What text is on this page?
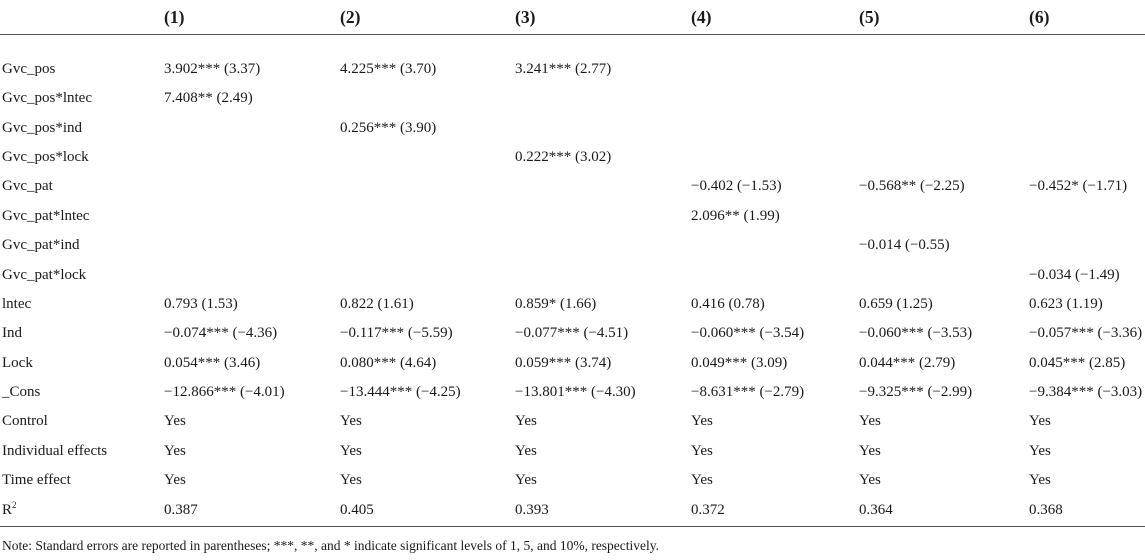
	(1)	(2)	(3)	(4)	(5)	(6)
Gvc_pos	3.902*** (3.37)	4.225*** (3.70)	3.241*** (2.77)			
Gvc_pos*lntec	7.408** (2.49)					
Gvc_pos*ind		0.256*** (3.90)				
Gvc_pos*lock			0.222*** (3.02)			
Gvc_pat				−0.402 (−1.53)	−0.568** (−2.25)	−0.452* (−1.71)
Gvc_pat*lntec				2.096** (1.99)		
Gvc_pat*ind					−0.014 (−0.55)	
Gvc_pat*lock						−0.034 (−1.49)
lntec	0.793 (1.53)	0.822 (1.61)	0.859* (1.66)	0.416 (0.78)	0.659 (1.25)	0.623 (1.19)
Ind	−0.074*** (−4.36)	−0.117*** (−5.59)	−0.077*** (−4.51)	−0.060*** (−3.54)	−0.060*** (−3.53)	−0.057*** (−3.36)
Lock	0.054*** (3.46)	0.080*** (4.64)	0.059*** (3.74)	0.049*** (3.09)	0.044*** (2.79)	0.045*** (2.85)
_Cons	−12.866*** (−4.01)	−13.444*** (−4.25)	−13.801*** (−4.30)	−8.631*** (−2.79)	−9.325*** (−2.99)	−9.384*** (−3.03)
Control	Yes	Yes	Yes	Yes	Yes	Yes
Individual effects	Yes	Yes	Yes	Yes	Yes	Yes
Time effect	Yes	Yes	Yes	Yes	Yes	Yes
$R^2$	0.387	0.405	0.393	0.372	0.364	0.368
Note: Standard errors are reported in parentheses; ***, **, and * indicate significant levels of 1, 5, and 10%, respectively.
